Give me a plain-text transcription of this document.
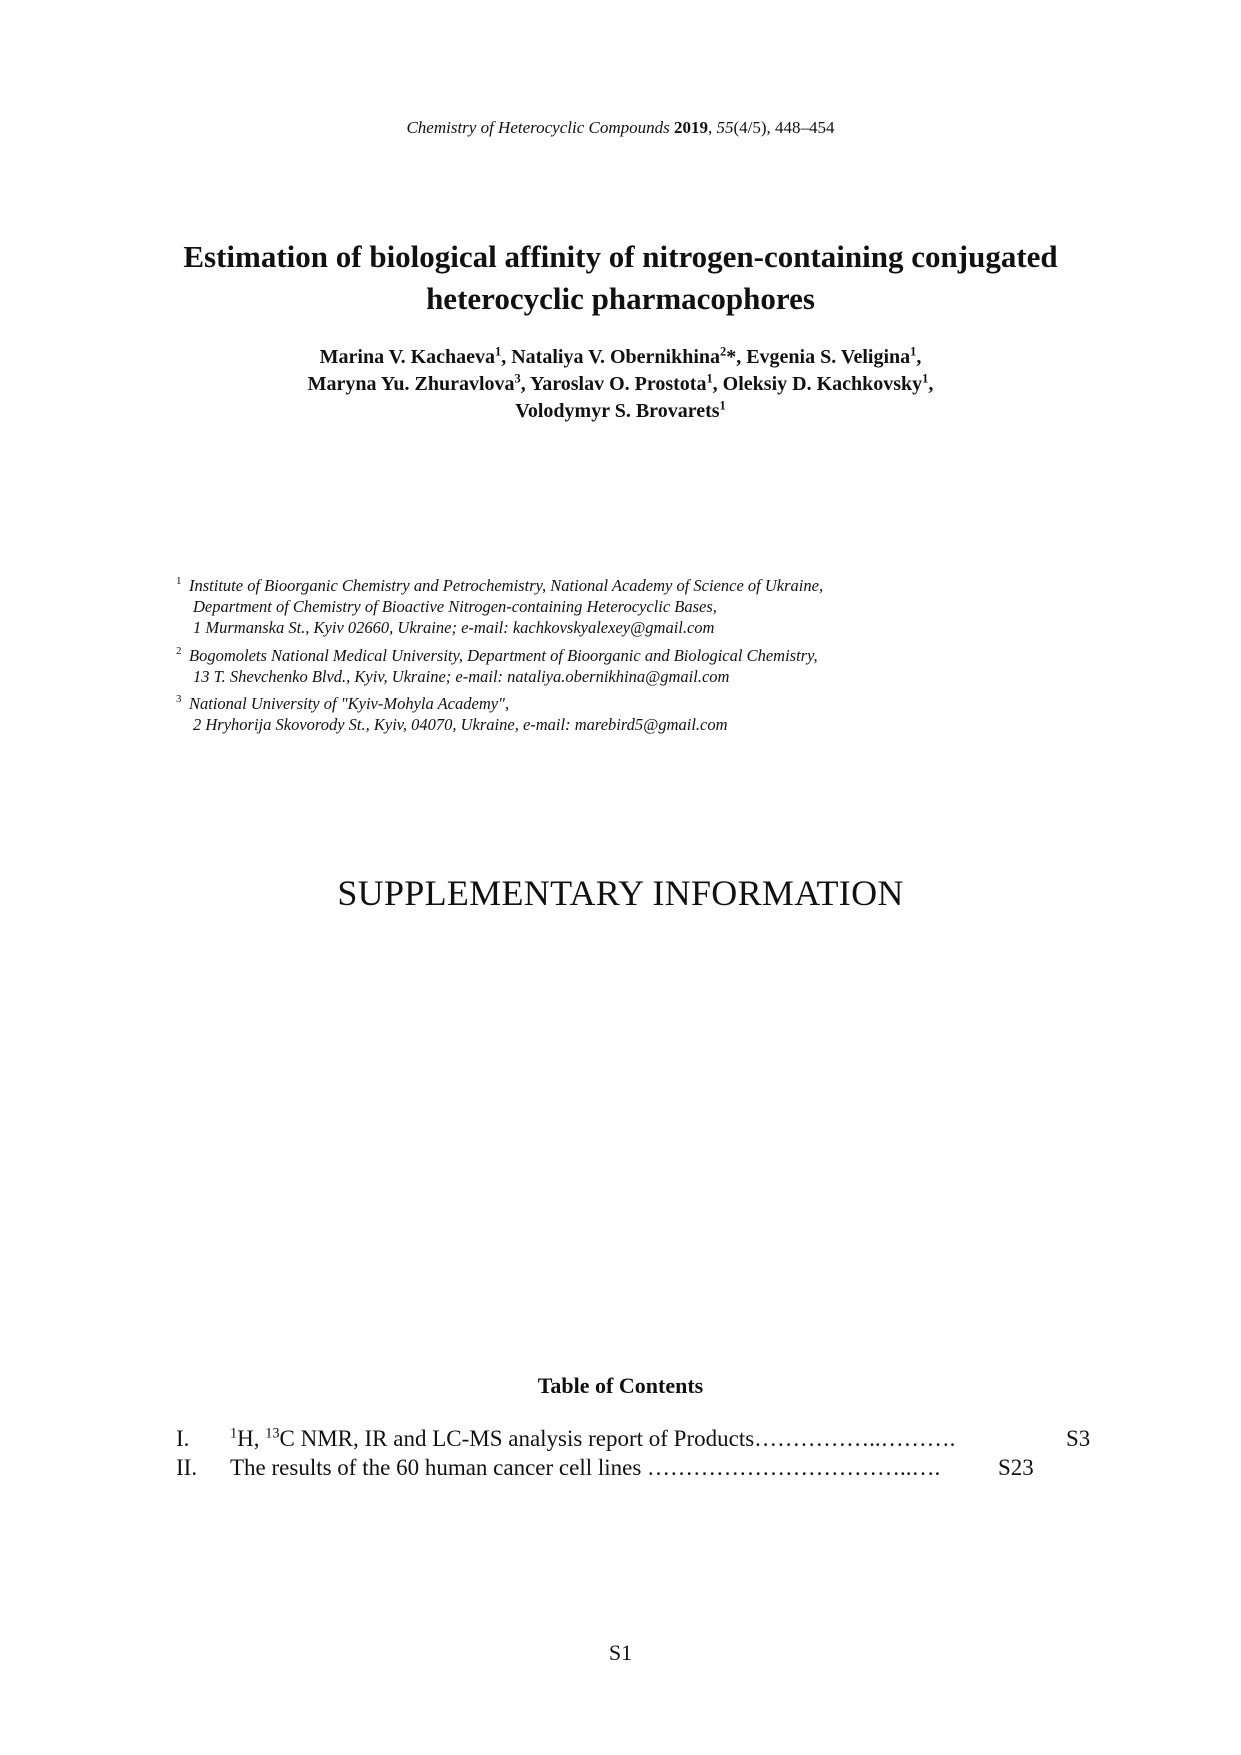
Chemistry of Heterocyclic Compounds 2019, 55(4/5), 448–454
Estimation of biological affinity of nitrogen-containing conjugated
heterocyclic pharmacophores
Marina V. Kachaeva$^1$, Nataliya V. Obernikhina$^2$*, Evgenia S. Veligina$^1$,
Maryna Yu. Zhuravlova$^3$, Yaroslav O. Prostota$^1$, Oleksiy D. Kachkovsky$^1$,
Volodymyr S. Brovarets$^1$
1 Institute of Bioorganic Chemistry and Petrochemistry, National Academy of Science of Ukraine,
Department of Chemistry of Bioactive Nitrogen-containing Heterocyclic Bases,
1 Murmanska St., Kyiv 02660, Ukraine; e-mail: kachkovskyalexey@gmail.com
2 Bogomolets National Medical University, Department of Bioorganic and Biological Chemistry,
13 T. Shevchenko Blvd., Kyiv, Ukraine; e-mail: nataliya.obernikhina@gmail.com
3 National University of "Kyiv-Mohyla Academy",
2 Hryhorija Skovorody St., Kyiv, 04070, Ukraine, e-mail: marebird5@gmail.com
SUPPLEMENTARY INFORMATION
Table of Contents
I.	$^1$H, $^{13}$C NMR, IR and LC-MS analysis report of Products……………..……….	S3
II. The results of the 60 human cancer cell lines ……………………………..….	S23
S1
